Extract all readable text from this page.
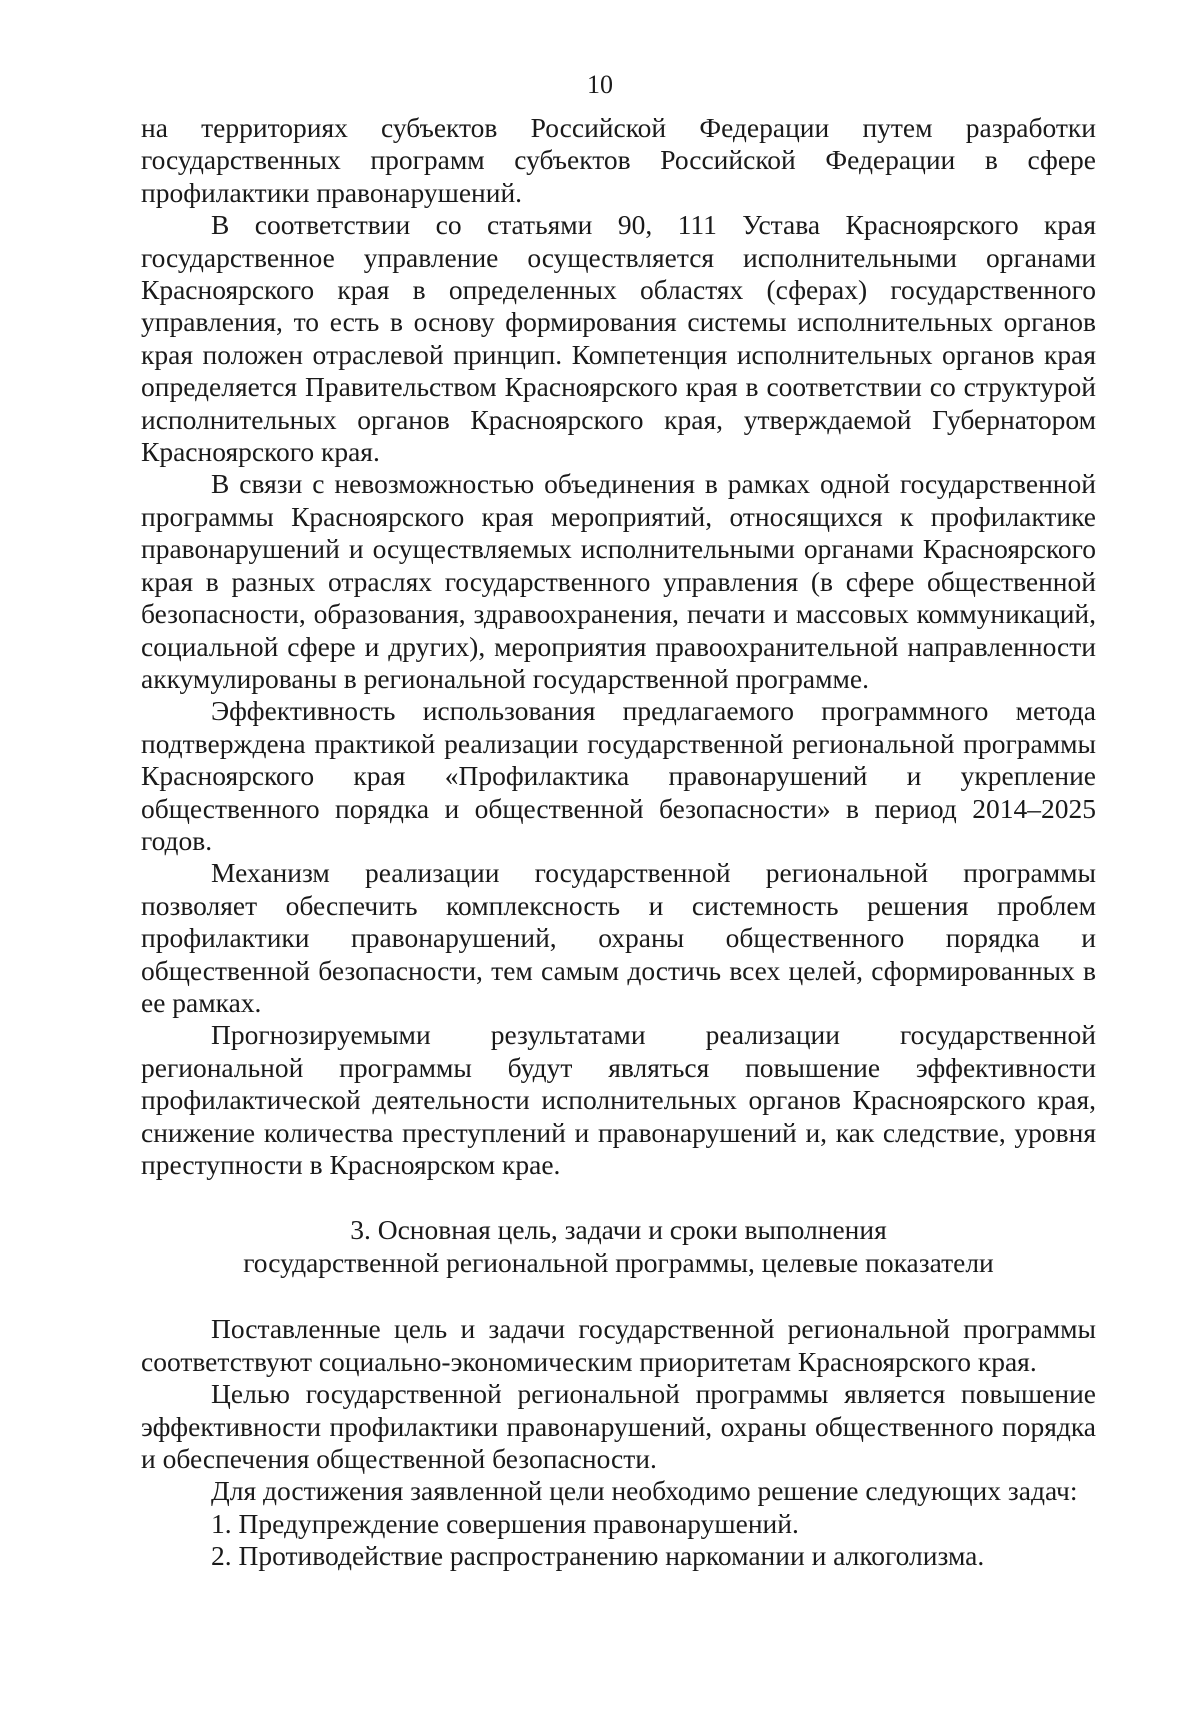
10

на территориях субъектов Российской Федерации путем разработки государственных программ субъектов Российской Федерации в сфере профилактики правонарушений.

В соответствии со статьями 90, 111 Устава Красноярского края государственное управление осуществляется исполнительными органами Красноярского края в определенных областях (сферах) государственного управления, то есть в основу формирования системы исполнительных органов края положен отраслевой принцип. Компетенция исполнительных органов края определяется Правительством Красноярского края в соответствии со структурой исполнительных органов Красноярского края, утверждаемой Губернатором Красноярского края.

В связи с невозможностью объединения в рамках одной государственной программы Красноярского края мероприятий, относящихся к профилактике правонарушений и осуществляемых исполнительными органами Красноярского края в разных отраслях государственного управления (в сфере общественной безопасности, образования, здравоохранения, печати и массовых коммуникаций, социальной сфере и других), мероприятия правоохранительной направленности аккумулированы в региональной государственной программе.

Эффективность использования предлагаемого программного метода подтверждена практикой реализации государственной региональной программы Красноярского края «Профилактика правонарушений и укрепление общественного порядка и общественной безопасности» в период 2014–2025 годов.

Механизм реализации государственной региональной программы позволяет обеспечить комплексность и системность решения проблем профилактики правонарушений, охраны общественного порядка и общественной безопасности, тем самым достичь всех целей, сформированных в ее рамках.

Прогнозируемыми результатами реализации государственной региональной программы будут являться повышение эффективности профилактической деятельности исполнительных органов Красноярского края, снижение количества преступлений и правонарушений и, как следствие, уровня преступности в Красноярском крае.

3. Основная цель, задачи и сроки выполнения
государственной региональной программы, целевые показатели

Поставленные цель и задачи государственной региональной программы соответствуют социально-экономическим приоритетам Красноярского края.

Целью государственной региональной программы является повышение эффективности профилактики правонарушений, охраны общественного порядка и обеспечения общественной безопасности.

Для достижения заявленной цели необходимо решение следующих задач:

1. Предупреждение совершения правонарушений.

2. Противодействие распространению наркомании и алкоголизма.
